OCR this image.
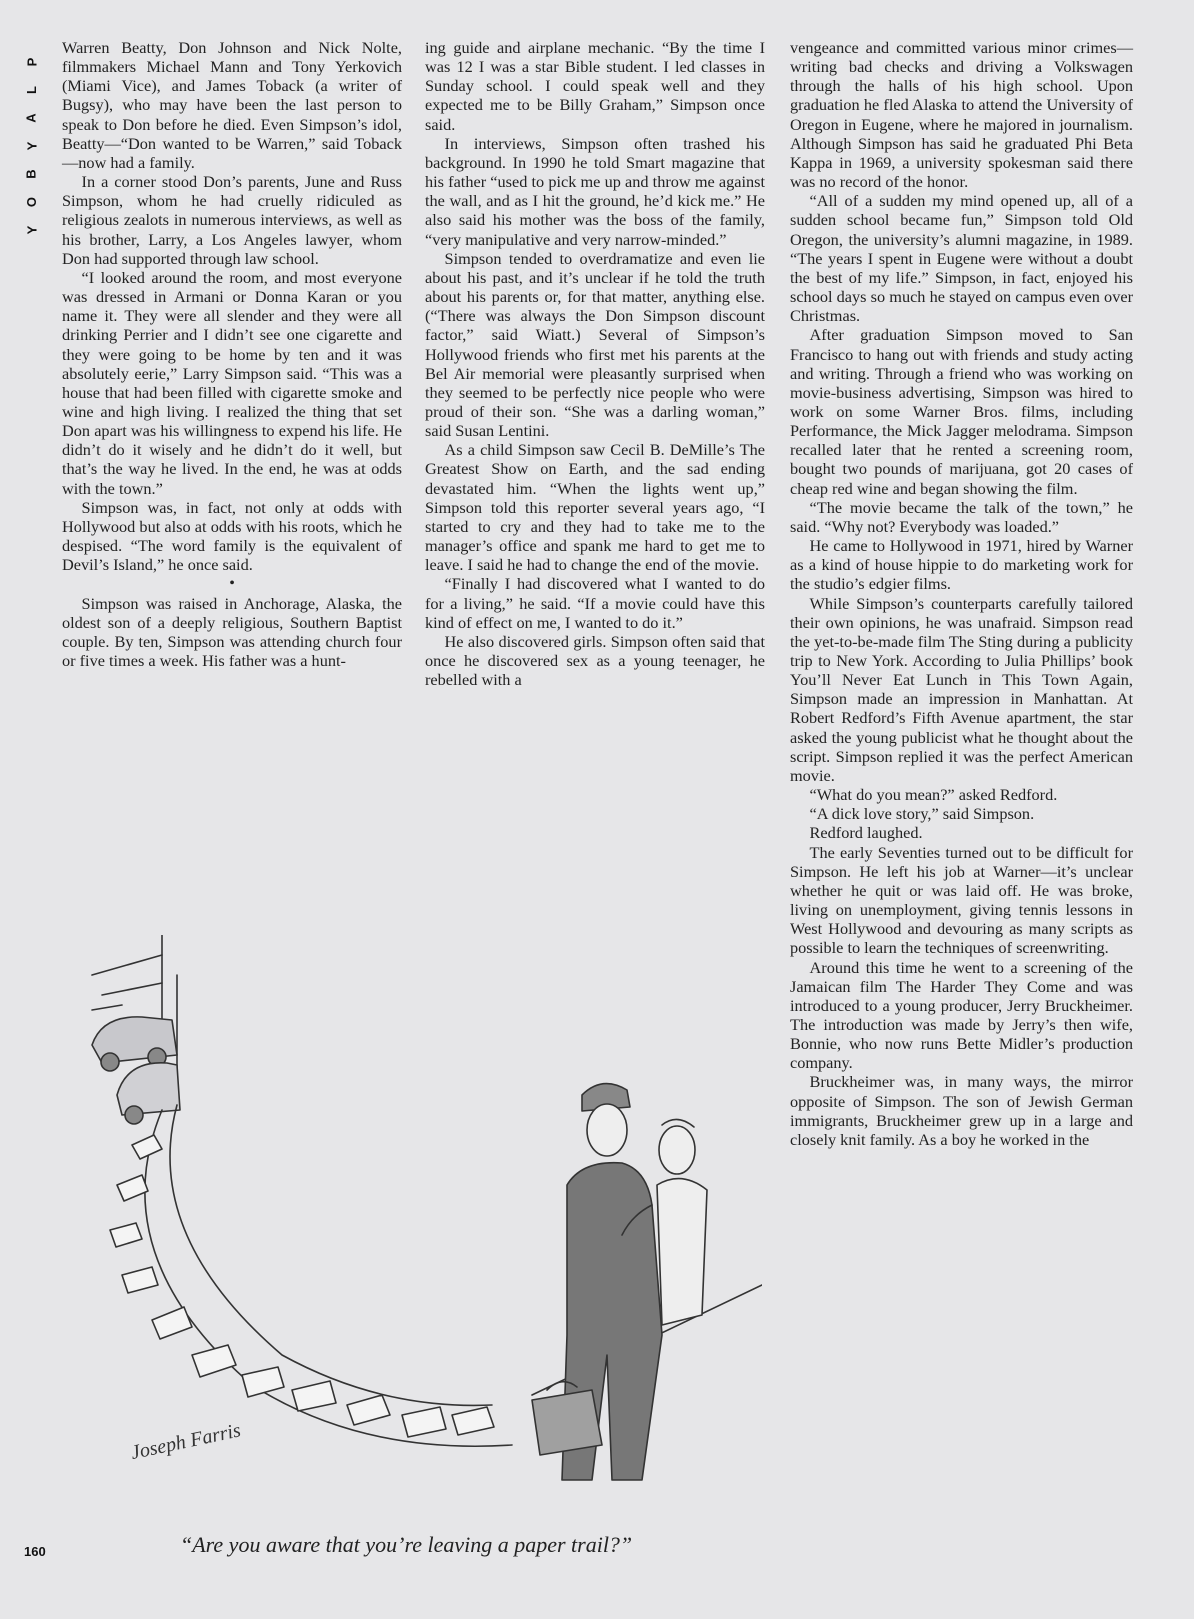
P
L
A
Y
B
O
Y

Warren Beatty, Don Johnson and Nick Nolte, filmmakers Michael Mann and Tony Yerkovich (Miami Vice), and James Toback (a writer of Bugsy), who may have been the last person to speak to Don before he died. Even Simpson’s idol, Beatty—“Don wanted to be Warren,” said Toback—now had a family.

In a corner stood Don’s parents, June and Russ Simpson, whom he had cruelly ridiculed as religious zealots in numerous interviews, as well as his brother, Larry, a Los Angeles lawyer, whom Don had supported through law school.

“I looked around the room, and most everyone was dressed in Armani or Donna Karan or you name it. They were all slender and they were all drinking Perrier and I didn’t see one cigarette and they were going to be home by ten and it was absolutely eerie,” Larry Simpson said. “This was a house that had been filled with cigarette smoke and wine and high living. I realized the thing that set Don apart was his willingness to expend his life. He didn’t do it wisely and he didn’t do it well, but that’s the way he lived. In the end, he was at odds with the town.”

Simpson was, in fact, not only at odds with Hollywood but also at odds with his roots, which he despised. “The word family is the equivalent of Devil’s Island,” he once said.

•

Simpson was raised in Anchorage, Alaska, the oldest son of a deeply religious, Southern Baptist couple. By ten, Simpson was attending church four or five times a week. His father was a hunt-

ing guide and airplane mechanic. “By the time I was 12 I was a star Bible student. I led classes in Sunday school. I could speak well and they expected me to be Billy Graham,” Simpson once said.

In interviews, Simpson often trashed his background. In 1990 he told Smart magazine that his father “used to pick me up and throw me against the wall, and as I hit the ground, he’d kick me.” He also said his mother was the boss of the family, “very manipulative and very narrow-minded.”

Simpson tended to overdramatize and even lie about his past, and it’s unclear if he told the truth about his parents or, for that matter, anything else. (“There was always the Don Simpson discount factor,” said Wiatt.) Several of Simpson’s Hollywood friends who first met his parents at the Bel Air memorial were pleasantly surprised when they seemed to be perfectly nice people who were proud of their son. “She was a darling woman,” said Susan Lentini.

As a child Simpson saw Cecil B. DeMille’s The Greatest Show on Earth, and the sad ending devastated him. “When the lights went up,” Simpson told this reporter several years ago, “I started to cry and they had to take me to the manager’s office and spank me hard to get me to leave. I said he had to change the end of the movie.

“Finally I had discovered what I wanted to do for a living,” he said. “If a movie could have this kind of effect on me, I wanted to do it.”

He also discovered girls. Simpson often said that once he discovered sex as a young teenager, he rebelled with a

vengeance and committed various minor crimes—writing bad checks and driving a Volkswagen through the halls of his high school. Upon graduation he fled Alaska to attend the University of Oregon in Eugene, where he majored in journalism. Although Simpson has said he graduated Phi Beta Kappa in 1969, a university spokesman said there was no record of the honor.

“All of a sudden my mind opened up, all of a sudden school became fun,” Simpson told Old Oregon, the university’s alumni magazine, in 1989. “The years I spent in Eugene were without a doubt the best of my life.” Simpson, in fact, enjoyed his school days so much he stayed on campus even over Christmas.

After graduation Simpson moved to San Francisco to hang out with friends and study acting and writing. Through a friend who was working on movie-business advertising, Simpson was hired to work on some Warner Bros. films, including Performance, the Mick Jagger melodrama. Simpson recalled later that he rented a screening room, bought two pounds of marijuana, got 20 cases of cheap red wine and began showing the film.

“The movie became the talk of the town,” he said. “Why not? Everybody was loaded.”

He came to Hollywood in 1971, hired by Warner as a kind of house hippie to do marketing work for the studio’s edgier films.

While Simpson’s counterparts carefully tailored their own opinions, he was unafraid. Simpson read the yet-to-be-made film The Sting during a publicity trip to New York. According to Julia Phillips’ book You’ll Never Eat Lunch in This Town Again, Simpson made an impression in Manhattan. At Robert Redford’s Fifth Avenue apartment, the star asked the young publicist what he thought about the script. Simpson replied it was the perfect American movie.

“What do you mean?” asked Redford.

“A dick love story,” said Simpson.

Redford laughed.

The early Seventies turned out to be difficult for Simpson. He left his job at Warner—it’s unclear whether he quit or was laid off. He was broke, living on unemployment, giving tennis lessons in West Hollywood and devouring as many scripts as possible to learn the techniques of screenwriting.

Around this time he went to a screening of the Jamaican film The Harder They Come and was introduced to a young producer, Jerry Bruckheimer. The introduction was made by Jerry’s then wife, Bonnie, who now runs Bette Midler’s production company.

Bruckheimer was, in many ways, the mirror opposite of Simpson. The son of Jewish German immigrants, Bruckheimer grew up in a large and closely knit family. As a boy he worked in the

Joseph Farris
“Are you aware that you’re leaving a paper trail?”
160
